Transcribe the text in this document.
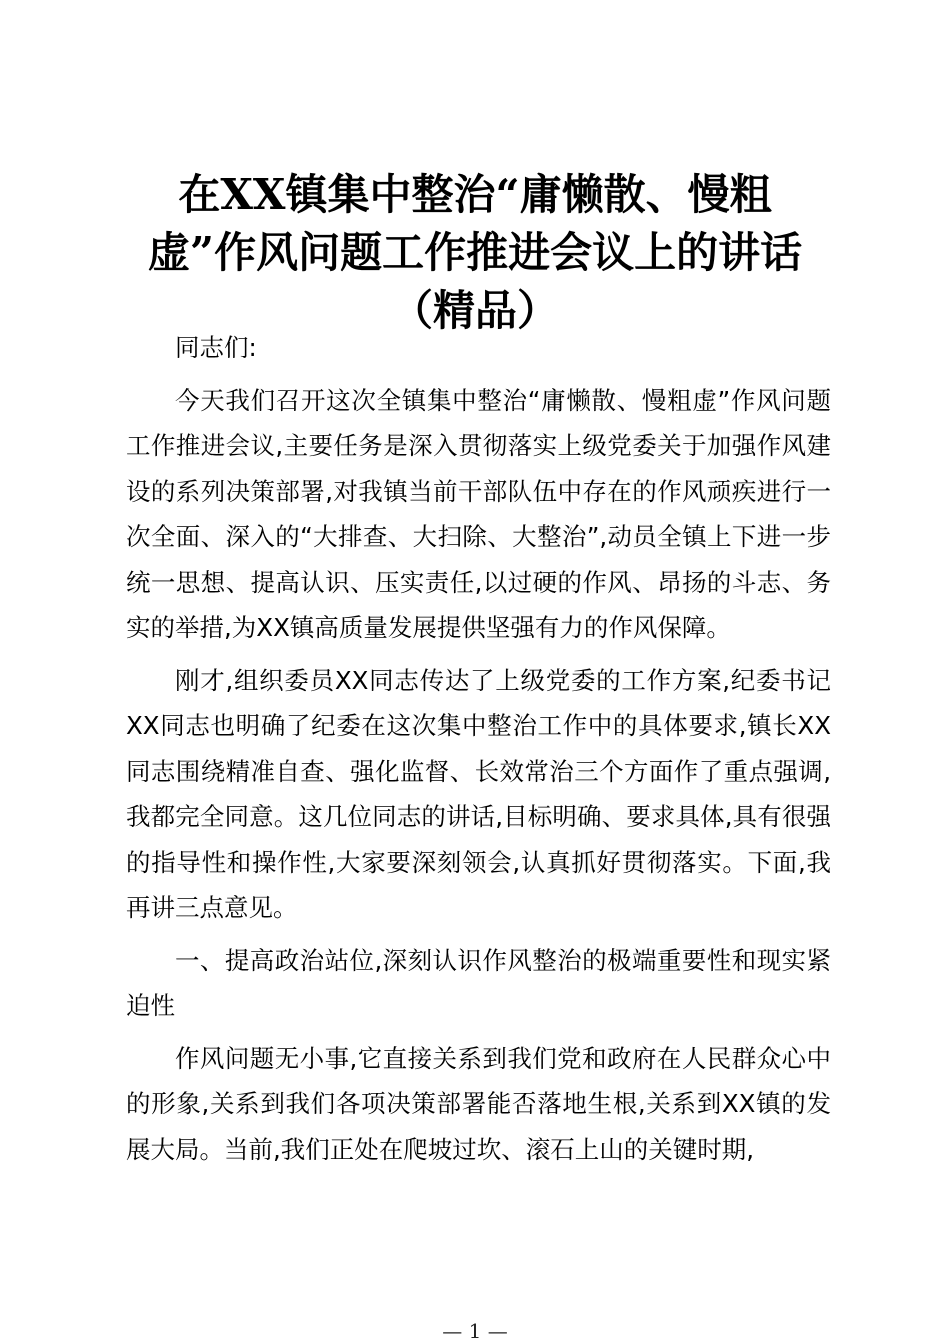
在XX镇集中整治“庸懒散、慢粗
虚”作风问题工作推进会议上的讲话
（精品）

同志们:

今天我们召开这次全镇集中整治“庸懒散、慢粗虚”作风问题工作推进会议,主要任务是深入贯彻落实上级党委关于加强作风建设的系列决策部署,对我镇当前干部队伍中存在的作风顽疾进行一次全面、深入的“大排查、大扫除、大整治”,动员全镇上下进一步统一思想、提高认识、压实责任,以过硬的作风、昂扬的斗志、务实的举措,为XX镇高质量发展提供坚强有力的作风保障。

刚才,组织委员XX同志传达了上级党委的工作方案,纪委书记XX同志也明确了纪委在这次集中整治工作中的具体要求,镇长XX同志围绕精准自查、强化监督、长效常治三个方面作了重点强调,我都完全同意。这几位同志的讲话,目标明确、要求具体,具有很强的指导性和操作性,大家要深刻领会,认真抓好贯彻落实。下面,我再讲三点意见。

一、提高政治站位,深刻认识作风整治的极端重要性和现实紧迫性

作风问题无小事,它直接关系到我们党和政府在人民群众心中的形象,关系到我们各项决策部署能否落地生根,关系到XX镇的发展大局。当前,我们正处在爬坡过坎、滚石上山的关键时期,

— 1 —
